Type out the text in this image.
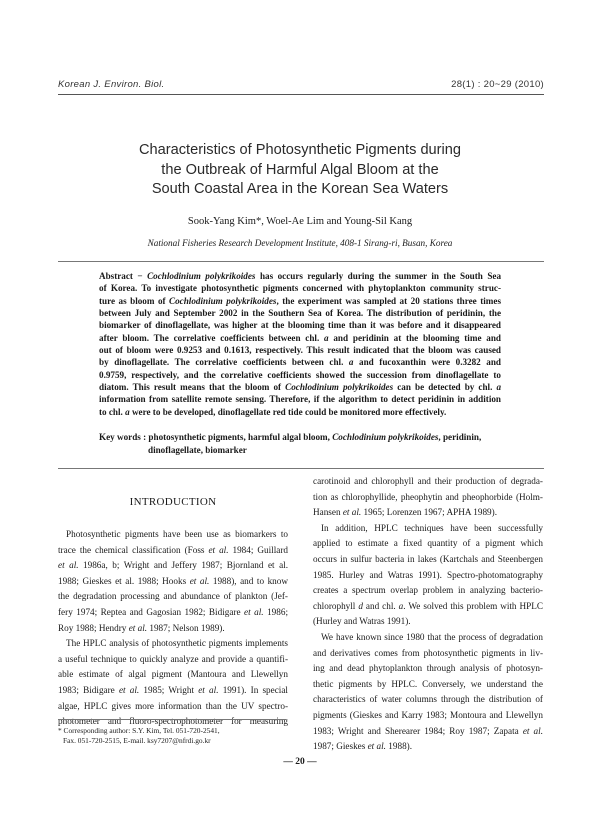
Korean J. Environ. Biol.	28(1) : 20~29 (2010)
Characteristics of Photosynthetic Pigments during
the Outbreak of Harmful Algal Bloom at the
South Coastal Area in the Korean Sea Waters
Sook-Yang Kim*, Woel-Ae Lim and Young-Sil Kang
National Fisheries Research Development Institute, 408-1 Sirang-ri, Busan, Korea
Abstract − Cochlodinium polykrikoides has occurs regularly during the summer in the South Sea
of Korea. To investigate photosynthetic pigments concerned with phytoplankton community struc-
ture as bloom of Cochlodinium polykrikoides, the experiment was sampled at 20 stations three times
between July and September 2002 in the Southern Sea of Korea. The distribution of peridinin, the
biomarker of dinoflagellate, was higher at the blooming time than it was before and it disappeared
after bloom. The correlative coefficients between chl. a and peridinin at the blooming time and
out of bloom were 0.9253 and 0.1613, respectively. This result indicated that the bloom was caused
by dinoflagellate. The correlative coefficients between chl. a and fucoxanthin were 0.3282 and
0.9759, respectively, and the correlative coefficients showed the succession from dinoflagellate to
diatom. This result means that the bloom of Cochlodinium polykrikoides can be detected by chl. a
information from satellite remote sensing. Therefore, if the algorithm to detect peridinin in addition
to chl. a were to be developed, dinoflagellate red tide could be monitored more effectively.
Key words : photosynthetic pigments, harmful algal bloom, Cochlodinium polykrikoides, peridinin,
dinoflagellate, biomarker
INTRODUCTION
Photosynthetic pigments have been use as biomarkers to
trace the chemical classification (Foss et al. 1984; Guillard
et al. 1986a, b; Wright and Jeffery 1987; Bjornland et al.
1988; Gieskes et al. 1988; Hooks et al. 1988), and to know
the degradation processing and abundance of plankton (Jef-
fery 1974; Reptea and Gagosian 1982; Bidigare et al. 1986;
Roy 1988; Hendry et al. 1987; Nelson 1989).
The HPLC analysis of photosynthetic pigments implements
a useful technique to quickly analyze and provide a quantifi-
able estimate of algal pigment (Mantoura and Llewellyn
1983; Bidigare et al. 1985; Wright et al. 1991). In special
algae, HPLC gives more information than the UV spectro-
photometer and fluoro-spectrophotometer for measuring
carotinoid and chlorophyll and their production of degrada-
tion as chlorophyllide, pheophytin and pheophorbide (Holm-
Hansen et al. 1965; Lorenzen 1967; APHA 1989).
In addition, HPLC techniques have been successfully
applied to estimate a fixed quantity of a pigment which
occurs in sulfur bacteria in lakes (Kartchals and Steenbergen
1985. Hurley and Watras 1991). Spectro-photomatography
creates a spectrum overlap problem in analyzing bacterio-
chlorophyll d and chl. a. We solved this problem with HPLC
(Hurley and Watras 1991).
We have known since 1980 that the process of degradation
and derivatives comes from photosynthetic pigments in liv-
ing and dead phytoplankton through analysis of photosyn-
thetic pigments by HPLC. Conversely, we understand the
characteristics of water columns through the distribution of
pigments (Gieskes and Karry 1983; Montoura and Llewellyn
1983; Wright and Sherearer 1984; Roy 1987; Zapata et al.
1987; Gieskes et al. 1988).
* Corresponding author: S.Y. Kim, Tel. 051-720-2541,
Fax. 051-720-2515, E-mail. ksy7207@nfrdi.go.kr
— 20 —
